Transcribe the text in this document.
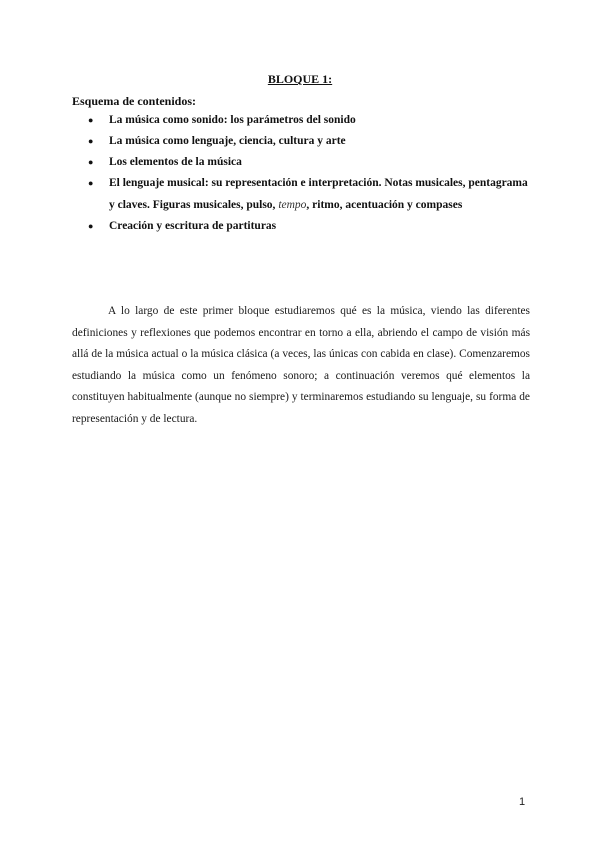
BLOQUE 1:
Esquema de contenidos:
● La música como sonido: los parámetros del sonido
● La música como lenguaje, ciencia, cultura y arte
● Los elementos de la música
● El lenguaje musical: su representación e interpretación. Notas musicales, pentagrama y claves. Figuras musicales, pulso, tempo, ritmo, acentuación y compases
● Creación y escritura de partituras

A lo largo de este primer bloque estudiaremos qué es la música, viendo las diferentes definiciones y reflexiones que podemos encontrar en torno a ella, abriendo el campo de visión más allá de la música actual o la música clásica (a veces, las únicas con cabida en clase). Comenzaremos estudiando la música como un fenómeno sonoro; a continuación veremos qué elementos la constituyen habitualmente (aunque no siempre) y terminaremos estudiando su lenguaje, su forma de representación y de lectura.

1
